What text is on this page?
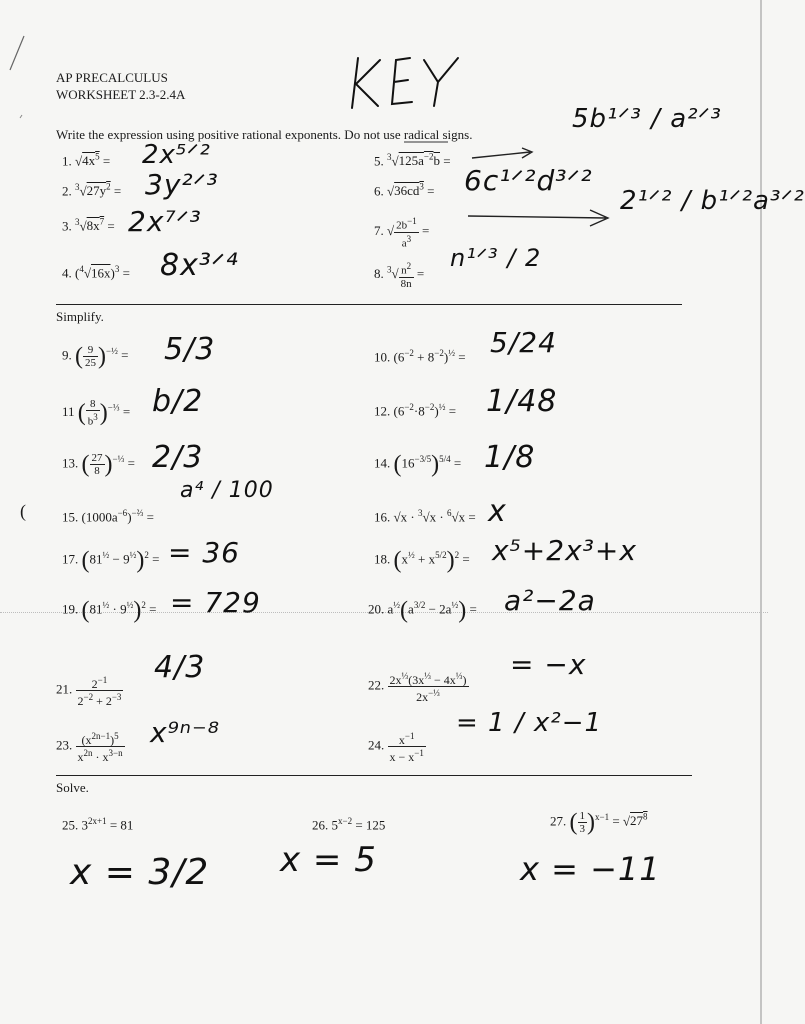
AP PRECALCULUS
WORKSHEET 2.3-2.4A
Write the expression using positive rational exponents. Do not use radical signs.
1. $√4x^5$ = 2x⁵ᐟ²
2. $^3√27y^2$ = 3y²ᐟ³
3. $^3√8x^7$ = 2x⁷ᐟ³
4. $(^4√16x)^3$ = 8x³ᐟ⁴
5. $^3√125a^{-2}b$ =
5b¹ᐟ³ / a²ᐟ³
6. $√36cd^3$ = 6c¹ᐟ²d³ᐟ²
7. √ $\frac{2b^{-1}}{a^3}$ =
2¹ᐟ² / b¹ᐟ²a³ᐟ²
8. $^3√ \frac{n^2}{8n}$ =
n¹ᐟ³ / 2
Simplify.
9. ( $\frac{9}{25} )^{-\frac{1}{2}} = 5/3$	10. $(6^{-2} + 8^{-2})^{\frac{1}{2}} = 5/24$
11 ( $\frac{8}{b^3} )^{-\frac{1}{3}} = b/2$	12. $(6^{-2}\cdot 8^{-2})^{\frac{1}{2}} = 1/48$
13. ( $\frac{27}{8} )^{-\frac{1}{3}} = 2/3$	14. $(16^{-3/5})^{5/4} = 1/8$
(	15. $(1000a^{-6})^{-\frac{2}{3}}$ =
a⁴ / 100
16. √x · $^3$√x · $^6$√x = x
17. $(81^{\frac{1}{2}} - 9^{\frac{1}{2}})^2$ = = 36	18. $(x^{\frac{1}{2}} + x^{5/2})^2 = x^5+2x^3+x$
19. $(81^{\frac{1}{2}} \cdot 9^{\frac{1}{2}})^2$ = = 729	20. $a^{\frac{1}{2}}(a^{3/2} - 2a^{\frac{1}{2}}) = a^2-2a$
21. $\frac{2^{-1}}{2^{-2} + 2^{-3}}$
4/3	22. $\frac{2x^{\frac{1}{3}}(3x^{\frac{1}{3}} - 4x^{\frac{1}{3}})}{2x^{-\frac{1}{3}}}$
= −x
23. $\frac{(x^{2n-1})^5}{x^{2n} \cdot x^{3-n}} x^{9n-8}$	24. $\frac{x^{-1}}{x - x^{-1}}$
= 1 / x²−1
Solve.
25. $3^{2x+1} = 81$
x = 3/2
26. $5^{x-2} = 125$
x = 5
27. ( $\frac{1}{3} )^{x-1} = √27^8$
x = −11
